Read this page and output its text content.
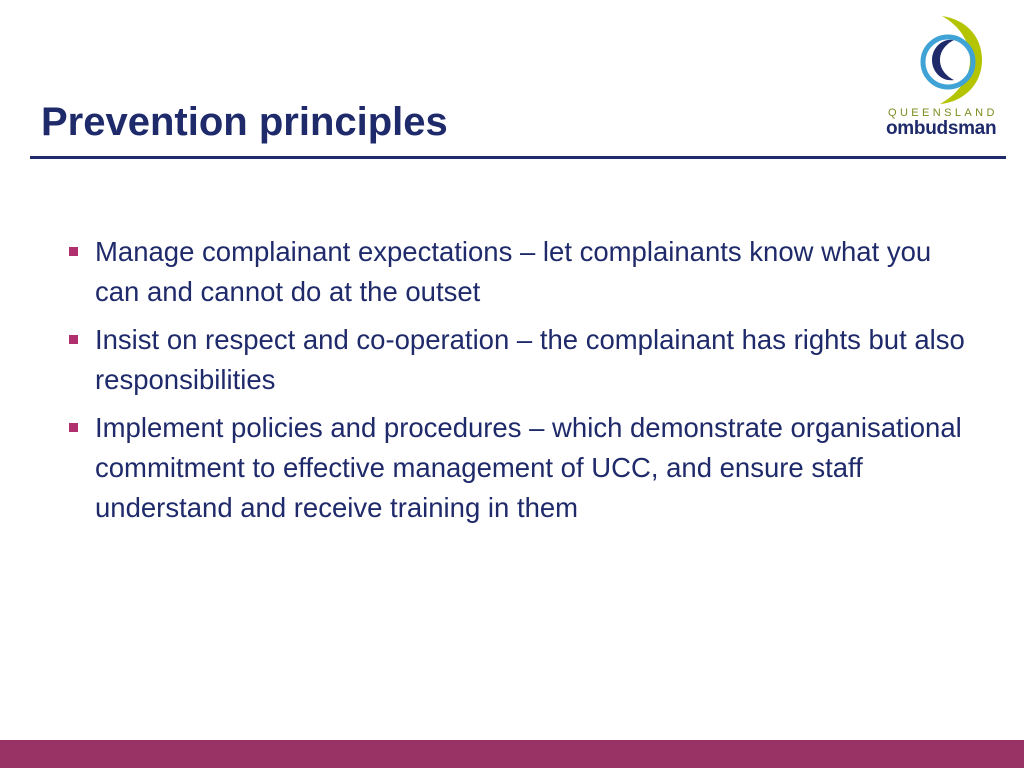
Prevention principles	QUEENSLAND
ombudsman
Manage complainant expectations – let complainants know what you can and cannot do at the outset
Insist on respect and co-operation – the complainant has rights but also responsibilities
Implement policies and procedures – which demonstrate organisational commitment to effective management of UCC, and ensure staff understand and receive training in them
